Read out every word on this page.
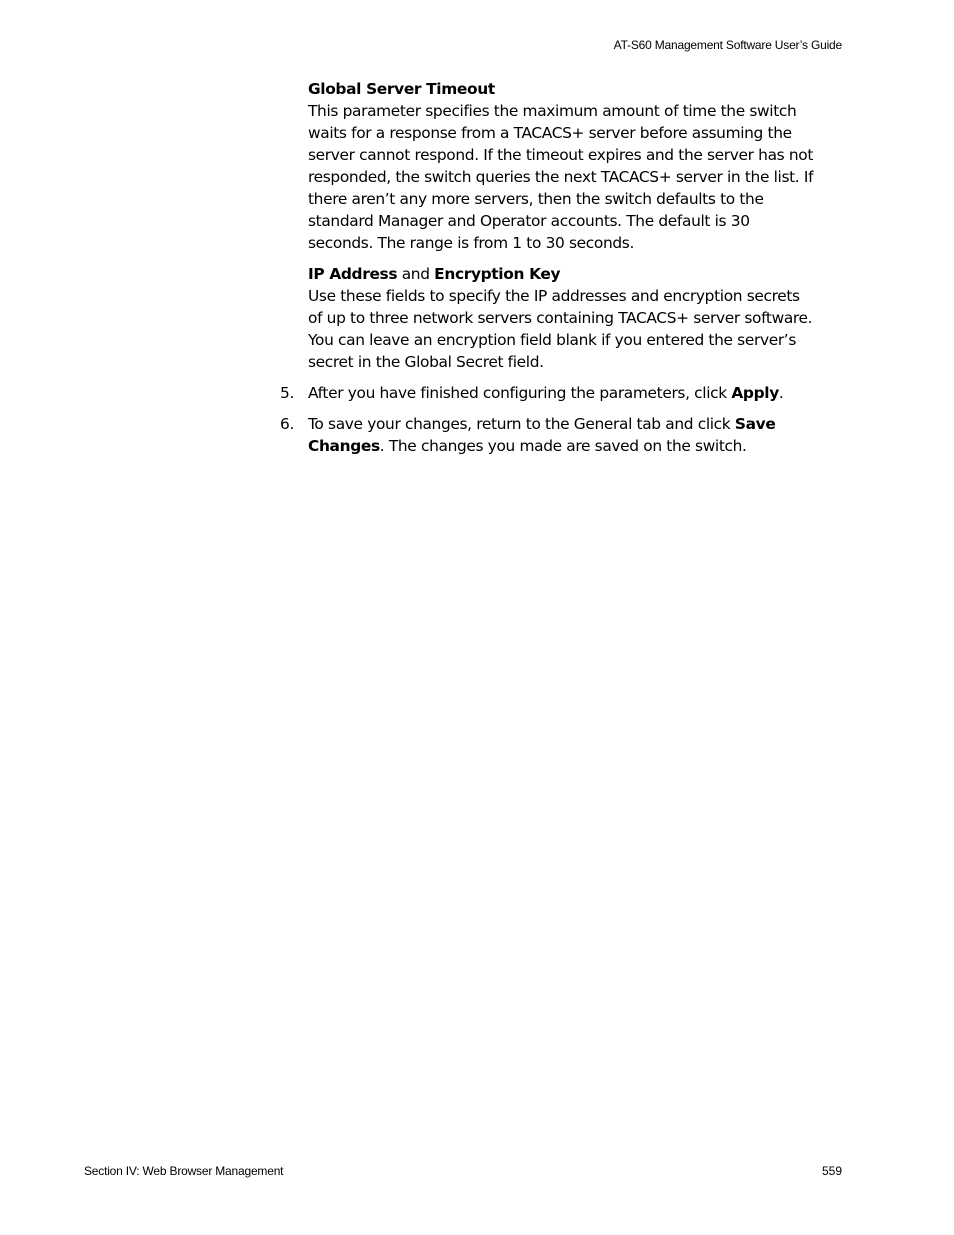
AT-S60 Management Software User’s Guide
Global Server Timeout

This parameter specifies the maximum amount of time the switch waits for a response from a TACACS+ server before assuming the server cannot respond. If the timeout expires and the server has not responded, the switch queries the next TACACS+ server in the list. If there aren’t any more servers, then the switch defaults to the standard Manager and Operator accounts. The default is 30 seconds. The range is from 1 to 30 seconds.

IP Address and Encryption Key

Use these fields to specify the IP addresses and encryption secrets of up to three network servers containing TACACS+ server software. You can leave an encryption field blank if you entered the server’s secret in the Global Secret field.

5. After you have finished configuring the parameters, click Apply.
6. To save your changes, return to the General tab and click Save Changes. The changes you made are saved on the switch.
Section IV: Web Browser Management	559
